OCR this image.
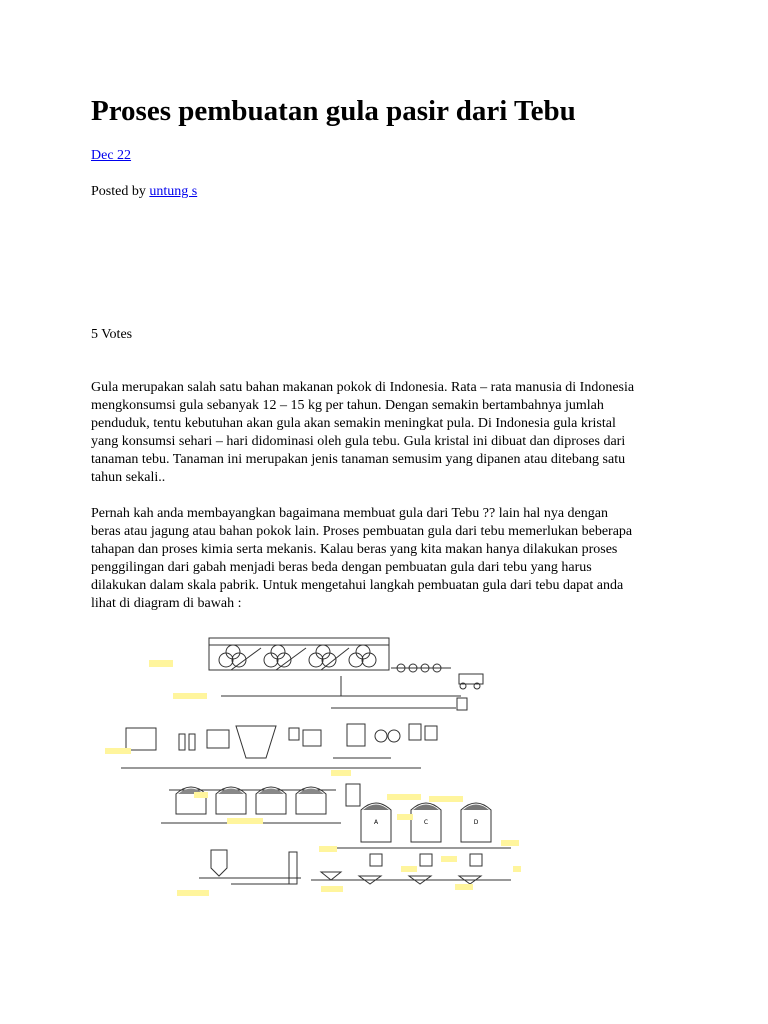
Proses pembuatan gula pasir dari Tebu
Dec 22
Posted by untung s
5 Votes

Gula merupakan salah satu bahan makanan pokok di Indonesia. Rata – rata manusia di Indonesia
mengkonsumsi gula sebanyak 12 – 15 kg per tahun. Dengan semakin bertambahnya jumlah
penduduk, tentu kebutuhan akan gula akan semakin meningkat pula. Di Indonesia gula kristal
yang konsumsi sehari – hari didominasi oleh gula tebu. Gula kristal ini dibuat dan diproses dari
tanaman tebu. Tanaman ini merupakan jenis tanaman semusim yang dipanen atau ditebang satu
tahun sekali..

Pernah kah anda membayangkan bagaimana membuat gula dari Tebu ?? lain hal nya dengan
beras atau jagung atau bahan pokok lain. Proses pembuatan gula dari tebu memerlukan beberapa
tahapan dan proses kimia serta mekanis. Kalau beras yang kita makan hanya dilakukan proses
penggilingan dari gabah menjadi beras beda dengan pembuatan gula dari tebu yang harus
dilakukan dalam skala pabrik. Untuk mengetahui langkah pembuatan gula dari tebu dapat anda
lihat di diagram di bawah :

A	C	D
